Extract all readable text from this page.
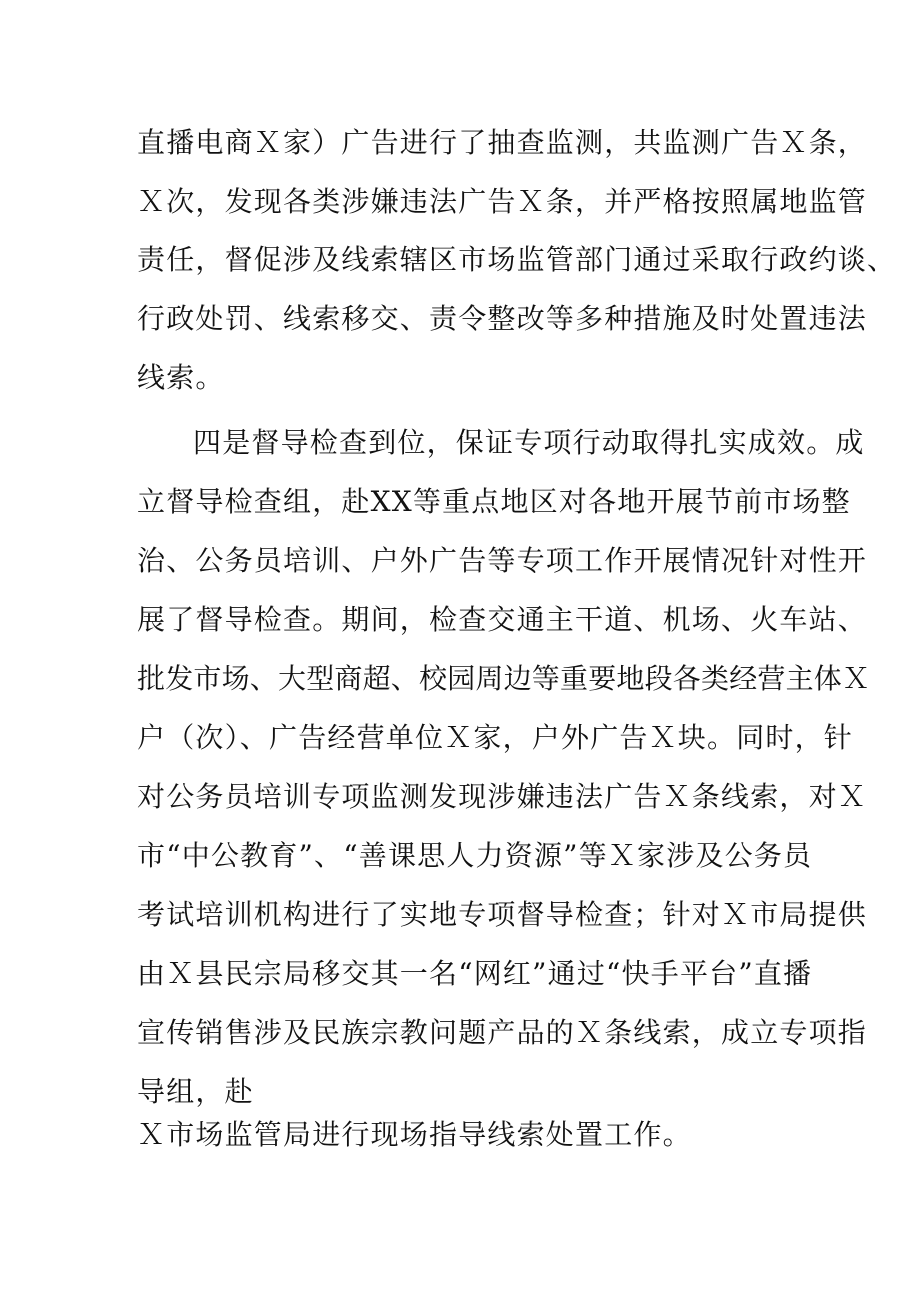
直播电商Ｘ家）广告进行了抽查监测，共监测广告Ｘ条，
Ｘ次，发现各类涉嫌违法广告Ｘ条，并严格按照属地监管
责任，督促涉及线索辖区市场监管部门通过采取行政约谈、
行政处罚、线索移交、责令整改等多种措施及时处置违法
线索。
四是督导检查到位，保证专项行动取得扎实成效。成
立督导检查组，赴XX等重点地区对各地开展节前市场整
治、公务员培训、户外广告等专项工作开展情况针对性开
展了督导检查。期间，检查交通主干道、机场、火车站、
批发市场、大型商超、校园周边等重要地段各类经营主体Ｘ
户（次）、广告经营单位Ｘ家，户外广告Ｘ块。同时，针
对公务员培训专项监测发现涉嫌违法广告Ｘ条线索，对Ｘ
市“中公教育”、“善课思人力资源”等Ｘ家涉及公务员
考试培训机构进行了实地专项督导检查；针对Ｘ市局提供
由Ｘ县民宗局移交其一名“网红”通过“快手平台”直播
宣传销售涉及民族宗教问题产品的Ｘ条线索，成立专项指
导组，赴
Ｘ市场监管局进行现场指导线索处置工作。
